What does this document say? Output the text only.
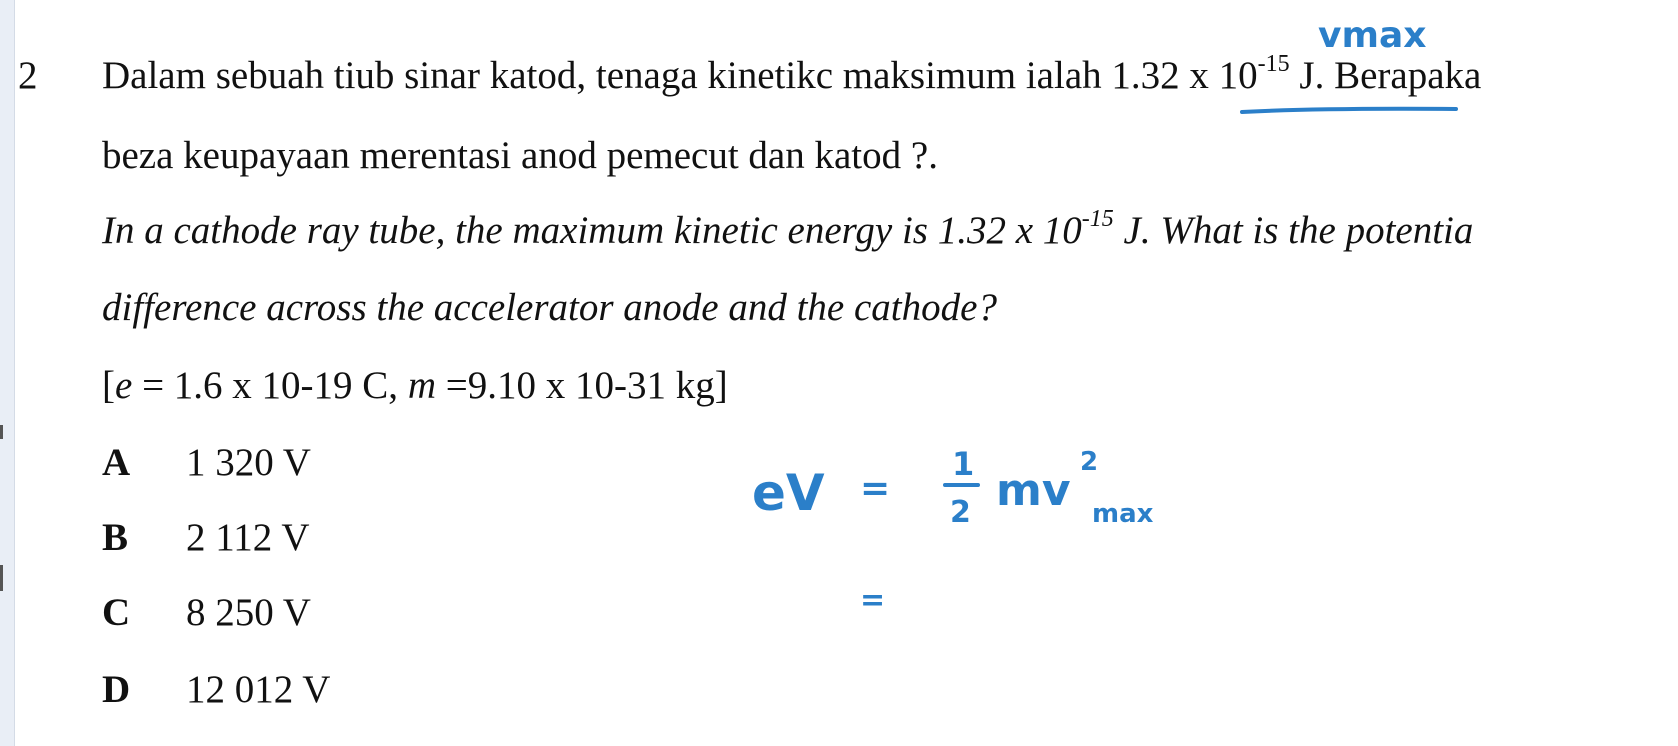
2 Dalam sebuah tiub sinar katod, tenaga kinetikc maksimum ialah 1.32 x $10^{-15}$ J. Berapaka
beza keupayaan merentasi anod pemecut dan katod ?.
In a cathode ray tube, the maximum kinetic energy is 1.32 x $10^{-15}$ J. What is the potentia
difference across the accelerator anode and the cathode?
[e = 1.6 x 10-19 C, m =9.10 x 10-31 kg]
A 1 320 V
B 2 112 V
C 8 250 V
D 12 012 V
vmax
eV =
1
2 mv
2
max
=
